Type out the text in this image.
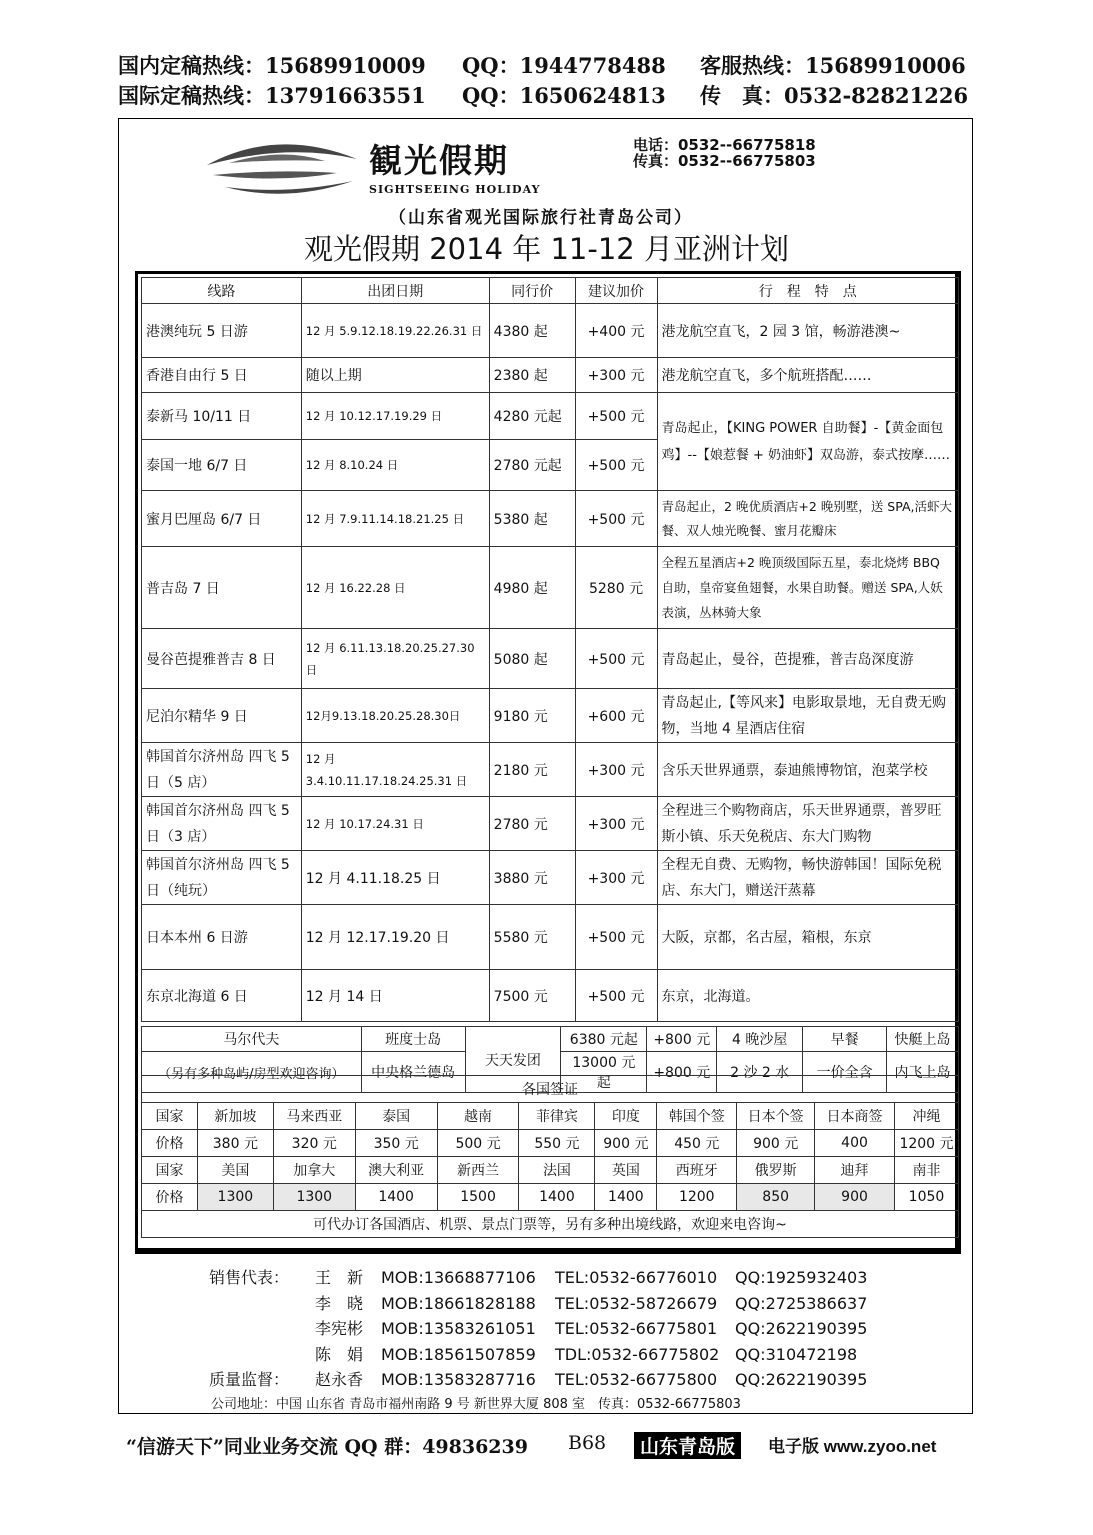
国内定稿热线：15689910009 QQ：1944778488 客服热线：15689910006
国际定稿热线：13791663551 QQ：1650624813 传　真：0532-82821226
観光假期
SIGHTSEEING HOLIDAY
电话：0532--66775818
传真：0532--66775803
（山东省观光国际旅行社青岛公司）
观光假期 2014 年 11-12 月亚洲计划
线路	出团日期	同行价	建议加价	行　程　特　点
港澳纯玩 5 日游	12 月 5.9.12.18.19.22.26.31 日	4380 起	+400 元	港龙航空直飞，2 园 3 馆，畅游港澳~
香港自由行 5 日	随以上期	2380 起	+300 元	港龙航空直飞，多个航班搭配……
泰新马 10/11 日	12 月 10.12.17.19.29 日	4280 元起	+500 元	青岛起止，【KING POWER 自助餐】-【黄金面包鸡】--【娘惹餐 + 奶油虾】双岛游，泰式按摩……
泰国一地 6/7 日	12 月 8.10.24 日	2780 元起	+500 元	
蜜月巴厘岛 6/7 日	12 月 7.9.11.14.18.21.25 日	5380 起	+500 元	青岛起止，2 晚优质酒店+2 晚别墅，送 SPA,活虾大餐、双人烛光晚餐、蜜月花瓣床
普吉岛 7 日	12 月 16.22.28 日	4980 起	5280 元	全程五星酒店+2 晚顶级国际五星，泰北烧烤 BBQ 自助，皇帝宴鱼翅餐，水果自助餐。赠送 SPA,人妖表演，丛林骑大象
曼谷芭提雅普吉 8 日	12 月 6.11.13.18.20.25.27.30 日	5080 起	+500 元	青岛起止，曼谷，芭提雅，普吉岛深度游
尼泊尔精华 9 日	12月9.13.18.20.25.28.30日	9180 元	+600 元	青岛起止,【等风来】电影取景地，无自费无购物，当地 4 星酒店住宿
韩国首尔济州岛 四飞 5 日（5 店）	12 月 3.4.10.11.17.18.24.25.31 日	2180 元	+300 元	含乐天世界通票，泰迪熊博物馆，泡菜学校
韩国首尔济州岛 四飞 5 日（3 店）	12 月 10.17.24.31 日	2780 元	+300 元	全程进三个购物商店，乐天世界通票，普罗旺斯小镇、乐天免税店、东大门购物
韩国首尔济州岛 四飞 5 日（纯玩）	12 月 4.11.18.25 日	3880 元	+300 元	全程无自费、无购物，畅快游韩国！国际免税店、东大门，赠送汗蒸幕
日本本州 6 日游	12 月 12.17.19.20 日	5580 元	+500 元	大阪，京都，名古屋，箱根，东京
东京北海道 6 日	12 月 14 日	7500 元	+500 元	东京，北海道。
马尔代夫	班度士岛	天天发团	6380 元起	+800 元	4 晚沙屋	早餐	快艇上岛
（另有多种岛屿/房型欢迎咨询）	中央格兰德岛		13000 元起	+800 元	2 沙 2 水	一价全含	内飞上岛
各国签证										
国家	新加坡	马来西亚	泰国	越南	菲律宾	印度	韩国个签	日本个签	日本商签	冲绳
价格	380 元	320 元	350 元	500 元	550 元	900 元	450 元	900 元	400	1200 元
国家	美国	加拿大	澳大利亚	新西兰	法国	英国	西班牙	俄罗斯	迪拜	南非
价格	1300	1300	1400	1500	1400	1400	1200	850	900	1050
可代办订各国酒店、机票、景点门票等，另有多种出境线路，欢迎来电咨询~										
销售代表： 王　新 MOB:13668877106 TEL:0532-66776010 QQ:1925932403
李　晓 MOB:18661828188 TEL:0532-58726679 QQ:2725386637
李宪彬 MOB:13583261051 TEL:0532-66775801 QQ:2622190395
陈　娟 MOB:18561507859 TDL:0532-66775802 QQ:310472198
质量监督： 赵永香 MOB:13583287716 TEL:0532-66775800 QQ:2622190395
公司地址：中国 山东省 青岛市福州南路 9 号 新世界大厦 808 室　传真：0532-66775803
“信游天下”同业业务交流 QQ 群：49836239 B68	山东青岛版	电子版 www.zyoo.net
